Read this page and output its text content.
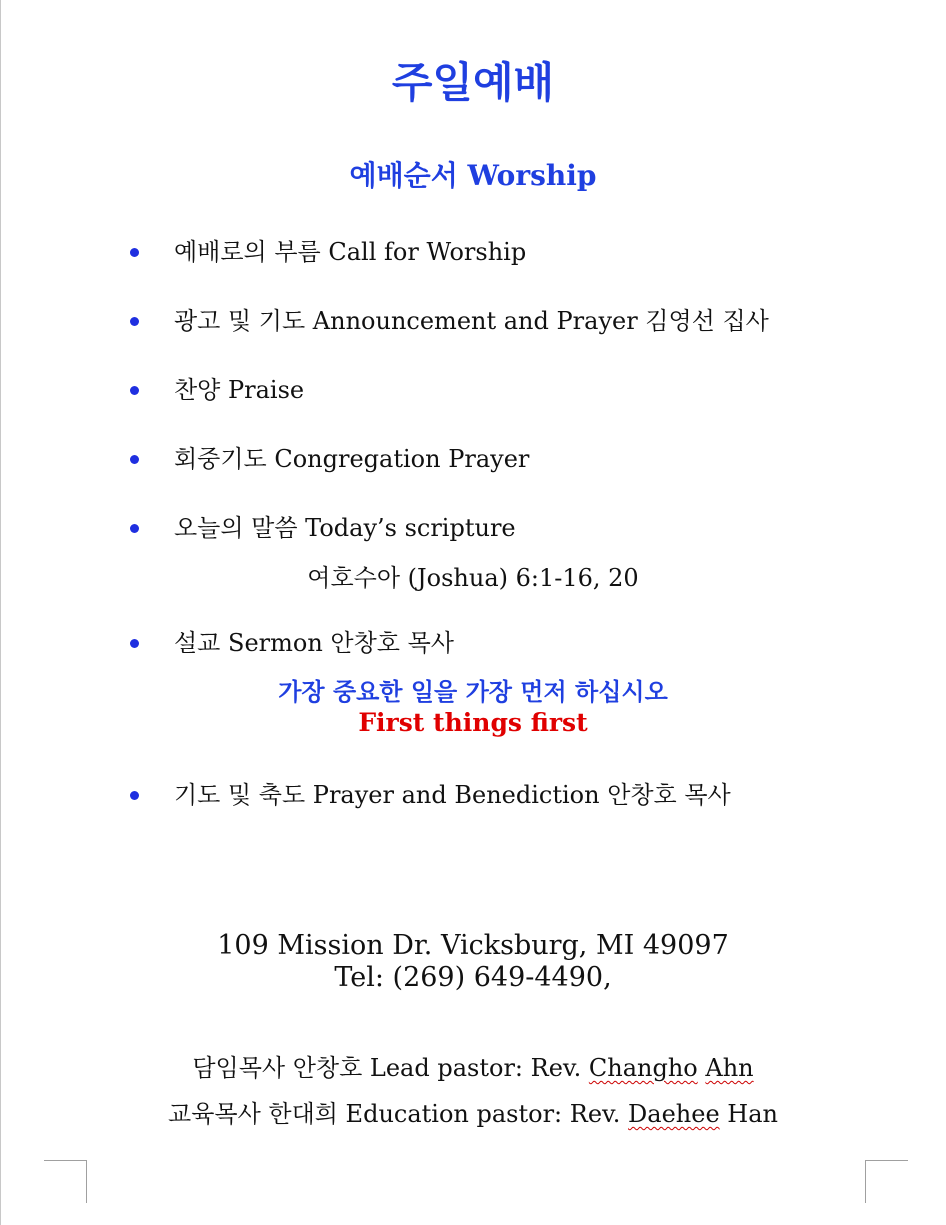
주일예배
예배순서 Worship
예배로의 부름 Call for Worship
광고 및 기도 Announcement and Prayer 김영선 집사
찬양 Praise
회중기도 Congregation Prayer
오늘의 말씀 Today’s scripture
여호수아 (Joshua) 6:1-16, 20
설교 Sermon 안창호 목사
가장 중요한 일을 가장 먼저 하십시오
First things first
기도 및 축도 Prayer and Benediction 안창호 목사
109 Mission Dr. Vicksburg, MI 49097
Tel: (269) 649-4490,
담임목사 안창호 Lead pastor: Rev. Changho Ahn
교육목사 한대희 Education pastor: Rev. Daehee Han
